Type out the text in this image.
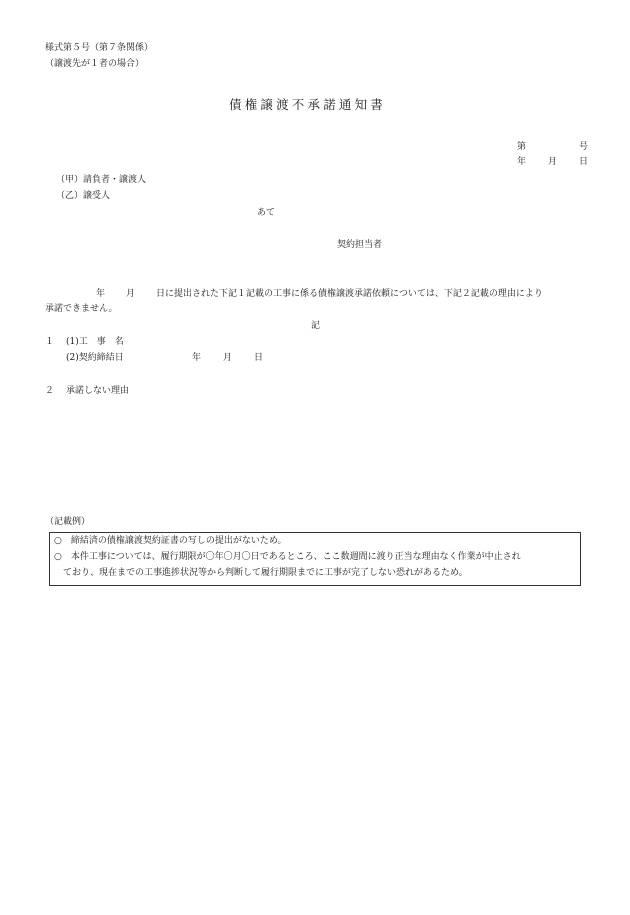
様式第５号（第７条関係）
（譲渡先が１者の場合）
債権譲渡不承諾通知書
第	号
年 月 日
（甲）請負者・譲渡人
（乙）譲受人
あて
契約担当者
年 月 日に提出された下記１記載の工事に係る債権譲渡承諾依頼については、下記２記載の理由により
承諾できません。
記
１ (1)工　事　名
(2)契約締結日	年 月 日
２ 承諾しない理由
（記載例）
○　締結済の債権譲渡契約証書の写しの提出がないため。
○　本件工事については、履行期限が〇年〇月〇日であるところ、ここ数週間に渡り正当な理由なく作業が中止され
　ており、現在までの工事進捗状況等から判断して履行期限までに工事が完了しない恐れがあるため。
